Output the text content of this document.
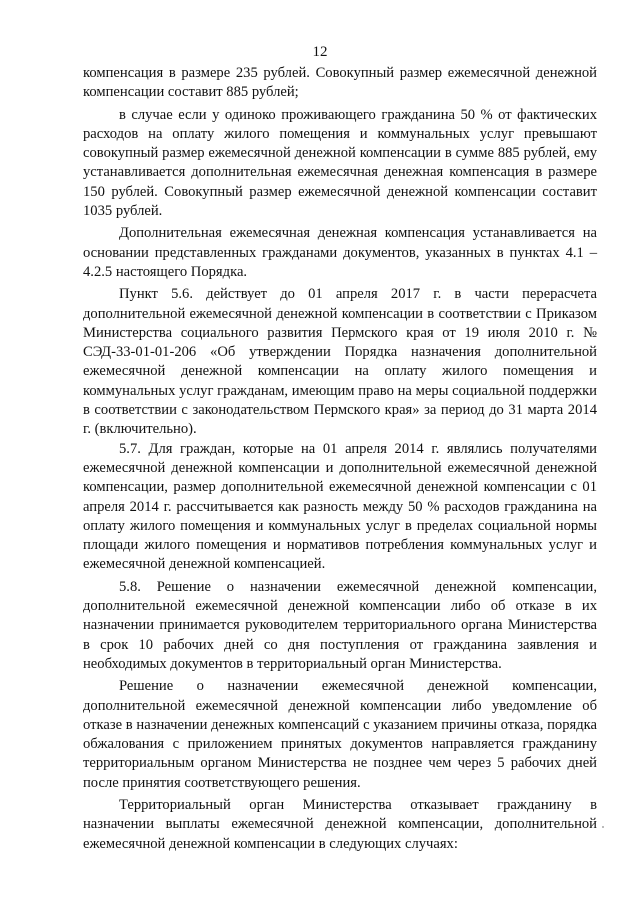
12

компенсация в размере 235 рублей. Совокупный размер ежемесячной денежной компенсации составит 885 рублей;

в случае если у одиноко проживающего гражданина 50 % от фактических расходов на оплату жилого помещения и коммунальных услуг превышают совокупный размер ежемесячной денежной компенсации в сумме 885 рублей, ему устанавливается дополнительная ежемесячная денежная компенсация в размере 150 рублей. Совокупный размер ежемесячной денежной компенсации составит 1035 рублей.

Дополнительная ежемесячная денежная компенсация устанавливается на основании представленных гражданами документов, указанных в пунктах 4.1 – 4.2.5 настоящего Порядка.

Пункт 5.6. действует до 01 апреля 2017 г. в части перерасчета дополнительной ежемесячной денежной компенсации в соответствии с Приказом Министерства социального развития Пермского края от 19 июля 2010 г. № СЭД-33-01-01-206 «Об утверждении Порядка назначения дополнительной ежемесячной денежной компенсации на оплату жилого помещения и коммунальных услуг гражданам, имеющим право на меры социальной поддержки в соответствии с законодательством Пермского края» за период до 31 марта 2014 г. (включительно).

5.7. Для граждан, которые на 01 апреля 2014 г. являлись получателями ежемесячной денежной компенсации и дополнительной ежемесячной денежной компенсации, размер дополнительной ежемесячной денежной компенсации с 01 апреля 2014 г. рассчитывается как разность между 50 % расходов гражданина на оплату жилого помещения и коммунальных услуг в пределах социальной нормы площади жилого помещения и нормативов потребления коммунальных услуг и ежемесячной денежной компенсацией.

5.8. Решение о назначении ежемесячной денежной компенсации, дополнительной ежемесячной денежной компенсации либо об отказе в их назначении принимается руководителем территориального органа Министерства в срок 10 рабочих дней со дня поступления от гражданина заявления и необходимых документов в территориальный орган Министерства.

Решение о назначении ежемесячной денежной компенсации, дополнительной ежемесячной денежной компенсации либо уведомление об отказе в назначении денежных компенсаций с указанием причины отказа, порядка обжалования с приложением принятых документов направляется гражданину территориальным органом Министерства не позднее чем через 5 рабочих дней после принятия соответствующего решения.

Территориальный орган Министерства отказывает гражданину в назначении выплаты ежемесячной денежной компенсации, дополнительной ежемесячной денежной компенсации в следующих случаях:
